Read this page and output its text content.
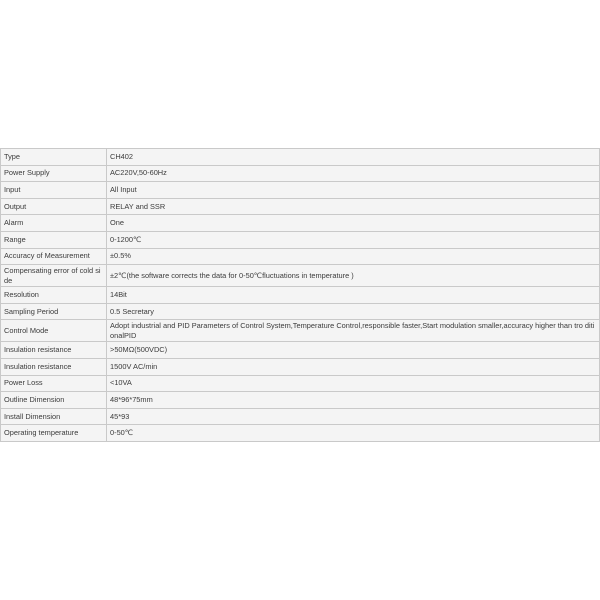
Type	CH402
Power Supply	AC220V,50-60Hz
Input	All Input
Output	RELAY and SSR
Alarm	One
Range	0-1200℃
Accuracy of Measurement	±0.5%
Compensating error of cold si de	±2℃(the software corrects the data for 0-50℃fluctuations in temperature )
Resolution	14Bit
Sampling Period	0.5 Secretary
Control Mode	Adopt industrial and PID Parameters of Control System,Temperature Control,responsible faster,Start modulation smaller,accuracy higher than tro ditionalPID
Insulation resistance	>50MΩ(500VDC)
Insulation resistance	1500V AC/min
Power Loss	<10VA
Outline Dimension	48*96*75mm
Install Dimension	45*93
Operating temperature	0-50℃
